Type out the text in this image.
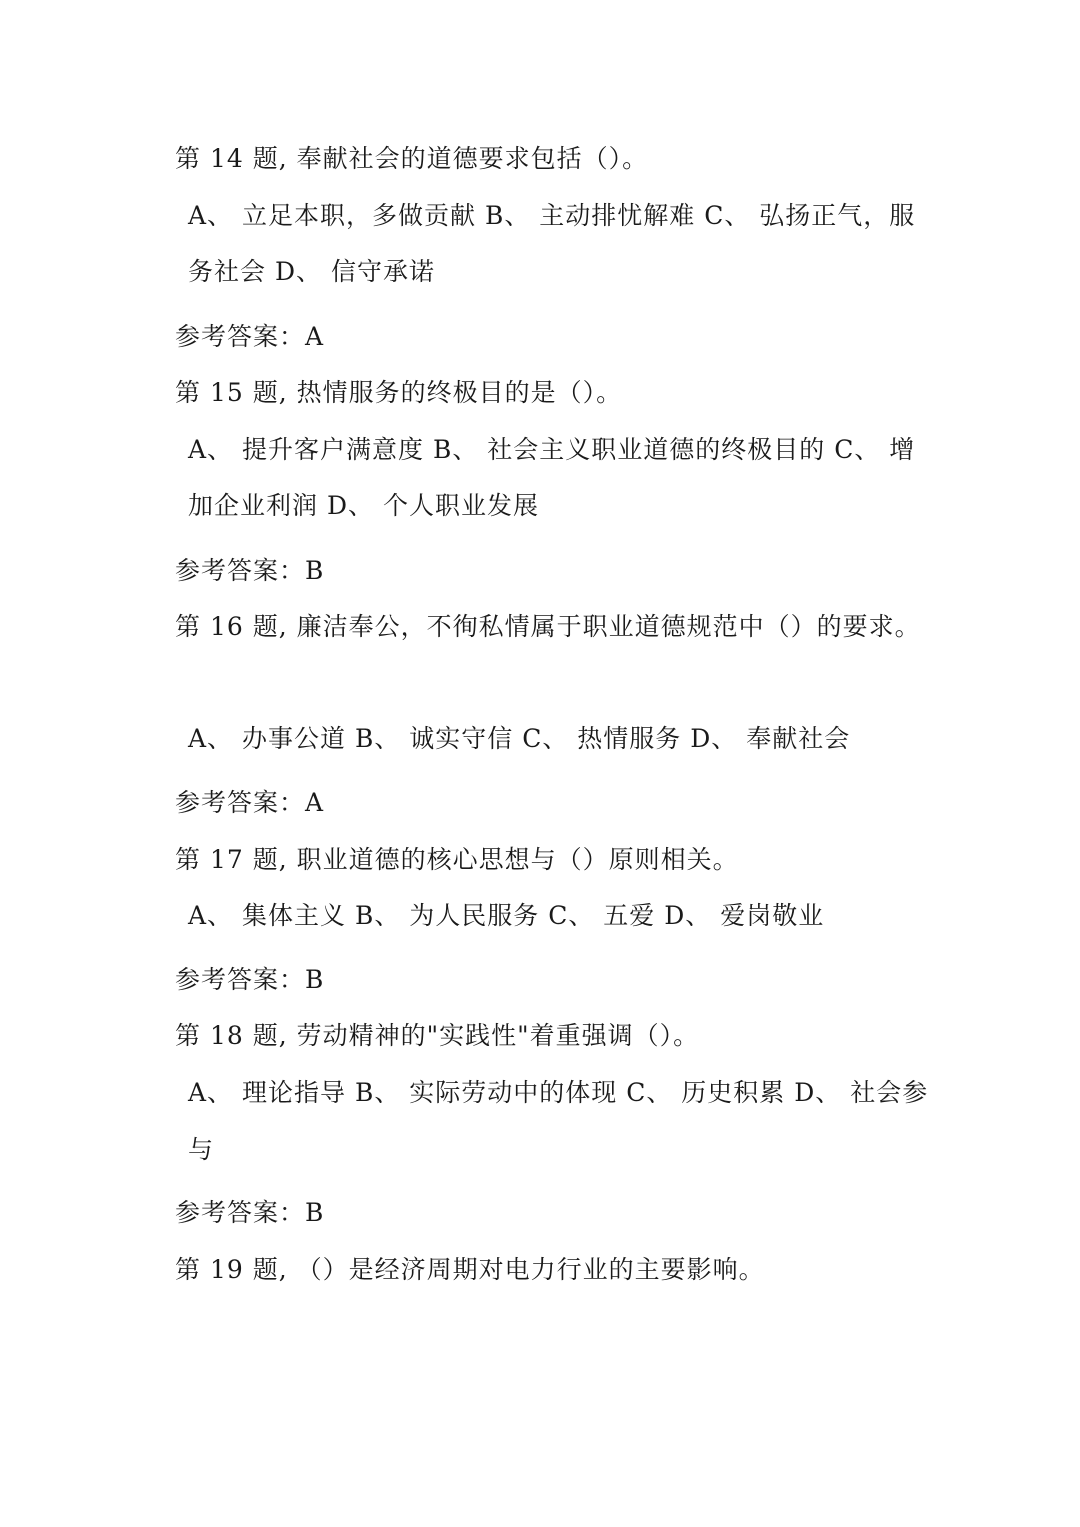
第 14 题, 奉献社会的道德要求包括（）。
A、 立足本职，多做贡献 B、 主动排忧解难 C、 弘扬正气，服
务社会 D、 信守承诺
参考答案：A
第 15 题, 热情服务的终极目的是（）。
A、 提升客户满意度 B、 社会主义职业道德的终极目的 C、 增
加企业利润 D、 个人职业发展
参考答案：B
第 16 题, 廉洁奉公，不徇私情属于职业道德规范中（）的要求。
A、 办事公道 B、 诚实守信 C、 热情服务 D、 奉献社会
参考答案：A
第 17 题, 职业道德的核心思想与（）原则相关。
A、 集体主义 B、 为人民服务 C、 五爱 D、 爱岗敬业
参考答案：B
第 18 题, 劳动精神的"实践性"着重强调（）。
A、 理论指导 B、 实际劳动中的体现 C、 历史积累 D、 社会参
与
参考答案：B
第 19 题, （）是经济周期对电力行业的主要影响。
